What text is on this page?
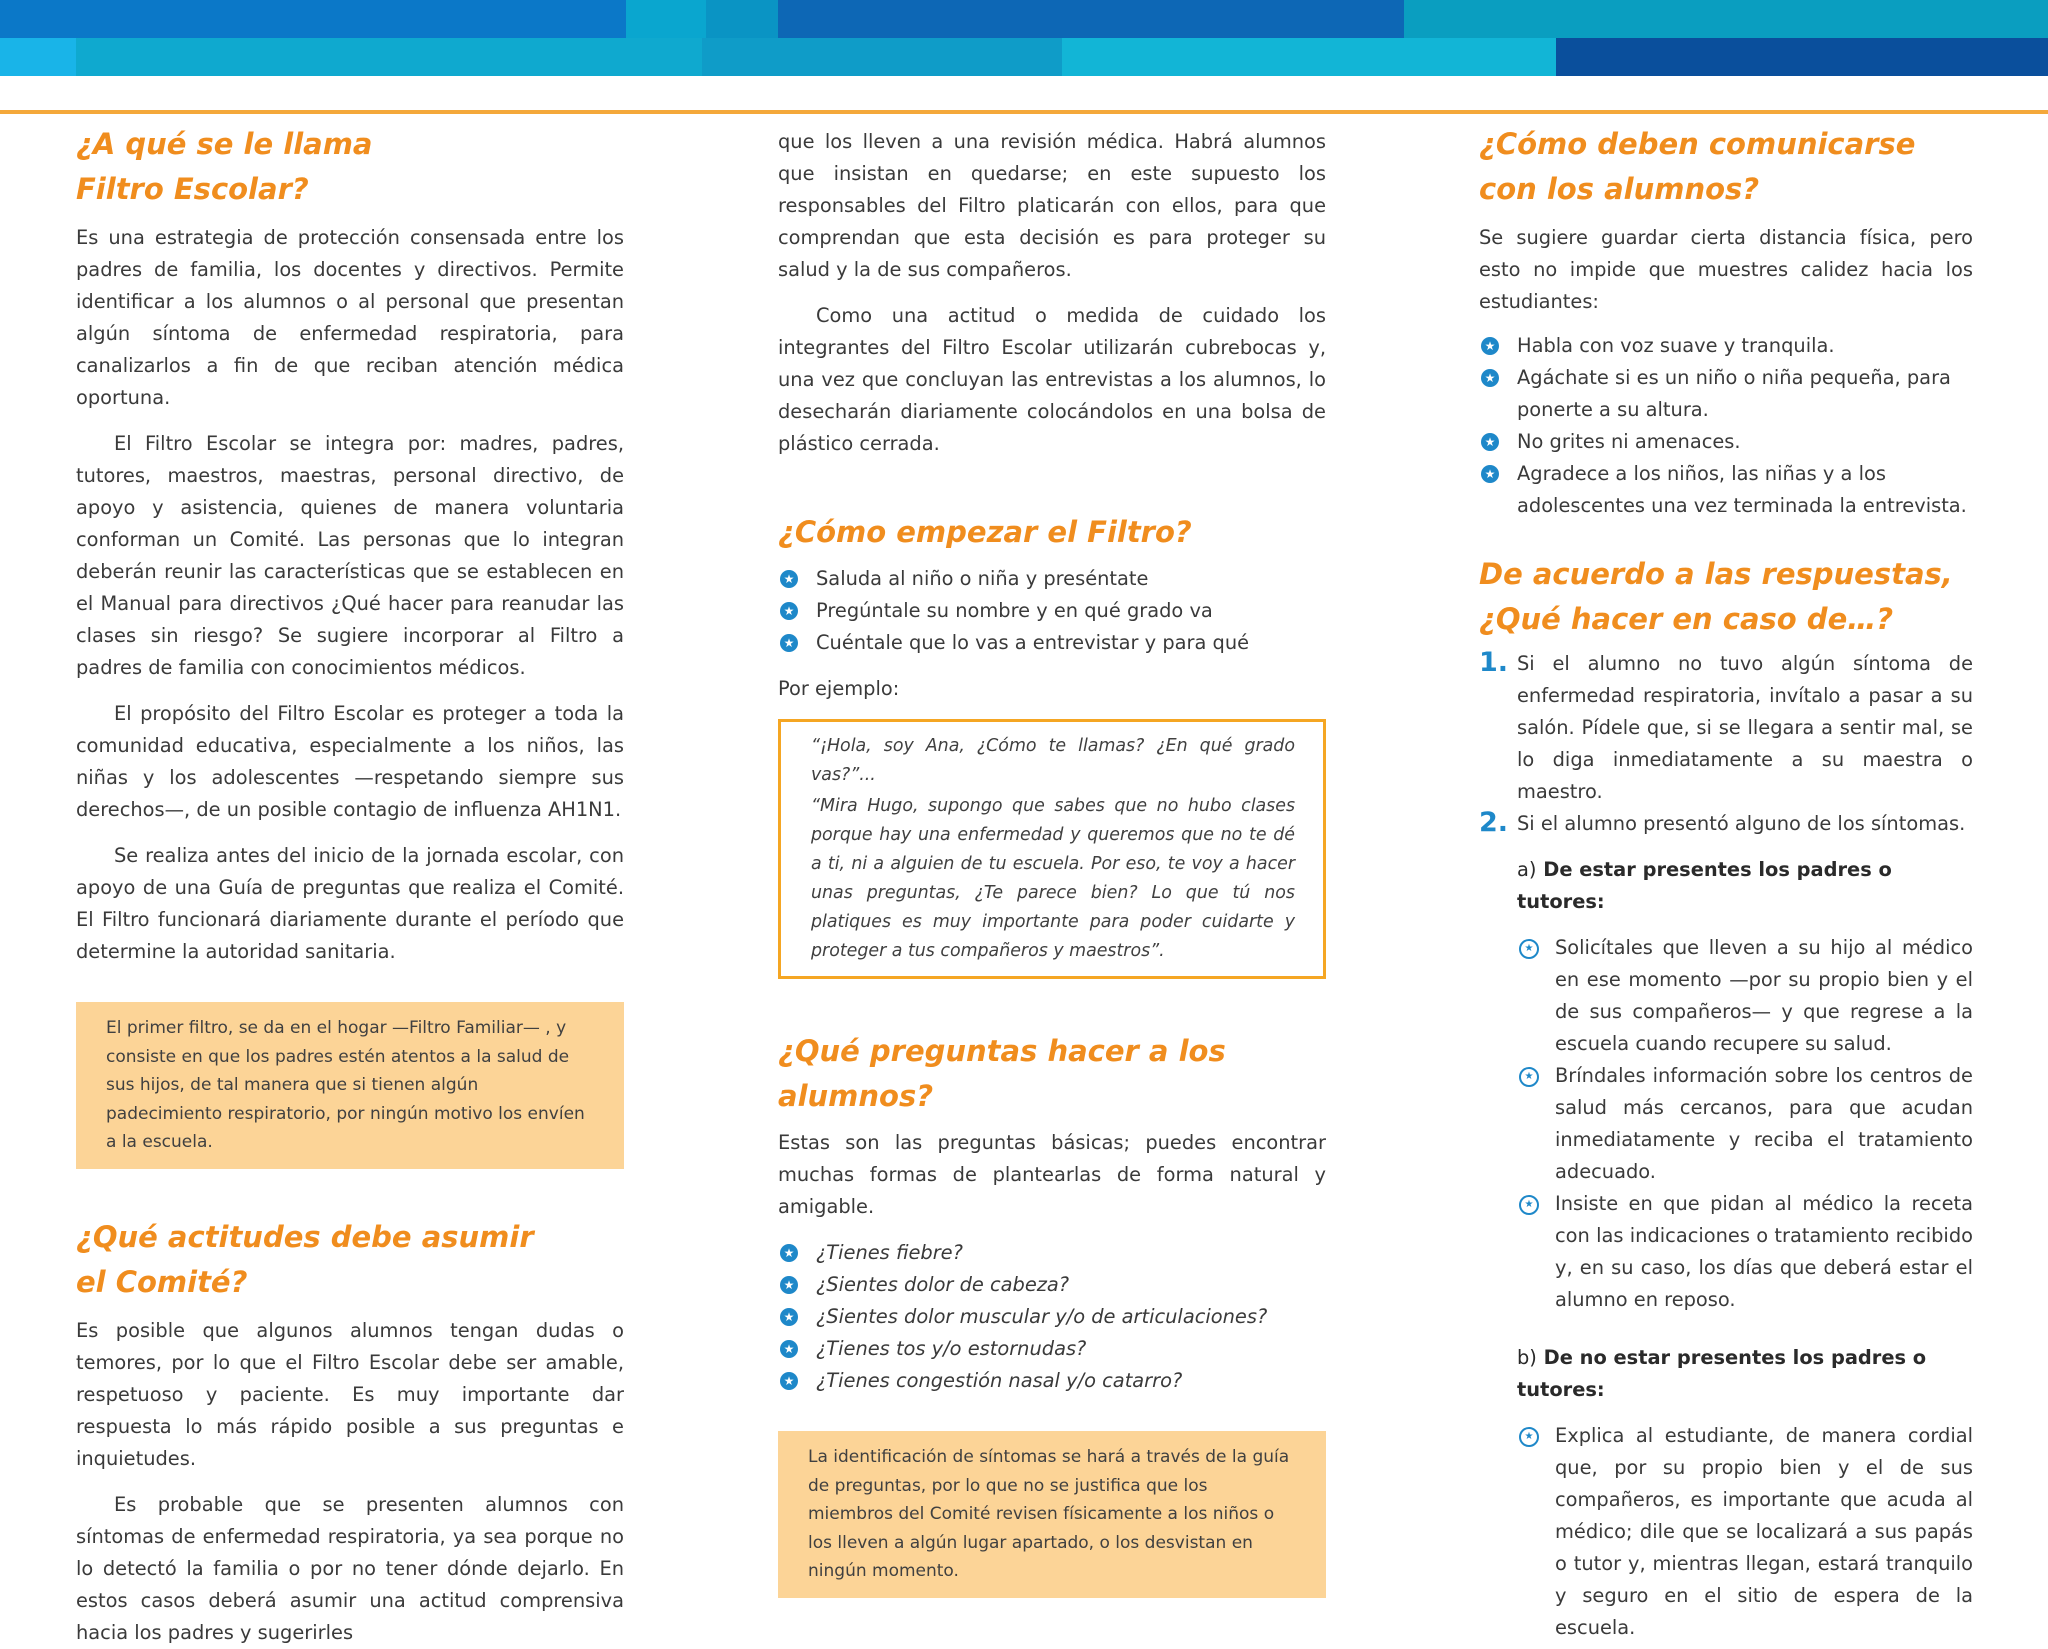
¿A qué se le llama
Filtro Escolar?

Es una estrategia de protección consensada entre los padres de familia, los docentes y directivos. Permite identificar a los alumnos o al personal que presentan algún síntoma de enfermedad respiratoria, para canalizarlos a fin de que reciban atención médica oportuna.

El Filtro Escolar se integra por: madres, padres, tutores, maestros, maestras, personal directivo, de apoyo y asistencia, quienes de manera voluntaria conforman un Comité. Las personas que lo integran deberán reunir las características que se establecen en el Manual para directivos ¿Qué hacer para reanudar las clases sin riesgo? Se sugiere incorporar al Filtro a padres de familia con conocimientos médicos.

El propósito del Filtro Escolar es proteger a toda la comunidad educativa, especialmente a los niños, las niñas y los adolescentes —respetando siempre sus derechos—, de un posible contagio de influenza AH1N1.

Se realiza antes del inicio de la jornada escolar, con apoyo de una Guía de preguntas que realiza el Comité. El Filtro funcionará diariamente durante el período que determine la autoridad sanitaria.

El primer filtro, se da en el hogar —Filtro Familiar— , y consiste en que los padres estén atentos a la salud de sus hijos, de tal manera que si tienen algún padecimiento respiratorio, por ningún motivo los envíen a la escuela.
¿Qué actitudes debe asumir
el Comité?

Es posible que algunos alumnos tengan dudas o temores, por lo que el Filtro Escolar debe ser amable, respetuoso y paciente. Es muy importante dar respuesta lo más rápido posible a sus preguntas e inquietudes.

Es probable que se presenten alumnos con síntomas de enfermedad respiratoria, ya sea porque no lo detectó la familia o por no tener dónde dejarlo. En estos casos deberá asumir una actitud comprensiva hacia los padres y sugerirles

que los lleven a una revisión médica. Habrá alumnos que insistan en quedarse; en este supuesto los responsables del Filtro platicarán con ellos, para que comprendan que esta decisión es para proteger su salud y la de sus compañeros.

Como una actitud o medida de cuidado los integrantes del Filtro Escolar utilizarán cubrebocas y, una vez que concluyan las entrevistas a los alumnos, lo desecharán diariamente colocándolos en una bolsa de plástico cerrada.

¿Cómo empezar el Filtro?
★ Saluda al niño o niña y preséntate
★ Pregúntale su nombre y en qué grado va
★ Cuéntale que lo vas a entrevistar y para qué

Por ejemplo:

“¡Hola, soy Ana, ¿Cómo te llamas? ¿En qué grado vas?”...

“Mira Hugo, supongo que sabes que no hubo clases porque hay una enfermedad y queremos que no te dé a ti, ni a alguien de tu escuela. Por eso, te voy a hacer unas preguntas, ¿Te parece bien? Lo que tú nos platiques es muy importante para poder cuidarte y proteger a tus compañeros y maestros”.

¿Qué preguntas hacer a los alumnos?

Estas son las preguntas básicas; puedes encontrar muchas formas de plantearlas de forma natural y amigable.

★ ¿Tienes fiebre?
★ ¿Sientes dolor de cabeza?
★ ¿Sientes dolor muscular y/o de articulaciones?
★ ¿Tienes tos y/o estornudas?
★ ¿Tienes congestión nasal y/o catarro?
La identificación de síntomas se hará a través de la guía de preguntas, por lo que no se justifica que los miembros del Comité revisen físicamente a los niños o los lleven a algún lugar apartado, o los desvistan en ningún momento.
¿Cómo deben comunicarse
con los alumnos?

Se sugiere guardar cierta distancia física, pero esto no impide que muestres calidez hacia los estudiantes:

★ Habla con voz suave y tranquila.
★ Agáchate si es un niño o niña pequeña, para ponerte a su altura.
★ No grites ni amenaces.
★ Agradece a los niños, las niñas y a los adolescentes una vez terminada la entrevista.
De acuerdo a las respuestas,
¿Qué hacer en caso de…?
1. Si el alumno no tuvo algún síntoma de enfermedad respiratoria, invítalo a pasar a su salón. Pídele que, si se llegara a sentir mal, se lo diga inmediatamente a su maestra o maestro.
2. Si el alumno presentó alguno de los síntomas.
a) De estar presentes los padres o tutores:
★ Solicítales que lleven a su hijo al médico en ese momento —por su propio bien y el de sus compañeros— y que regrese a la escuela cuando recupere su salud.
★ Bríndales información sobre los centros de salud más cercanos, para que acudan inmediatamente y reciba el tratamiento adecuado.
★ Insiste en que pidan al médico la receta con las indicaciones o tratamiento recibido y, en su caso, los días que deberá estar el alumno en reposo.
b) De no estar presentes los padres o tutores:
★ Explica al estudiante, de manera cordial que, por su propio bien y el de sus compañeros, es importante que acuda al médico; dile que se localizará a sus papás o tutor y, mientras llegan, estará tranquilo y seguro en el sitio de espera de la escuela.
